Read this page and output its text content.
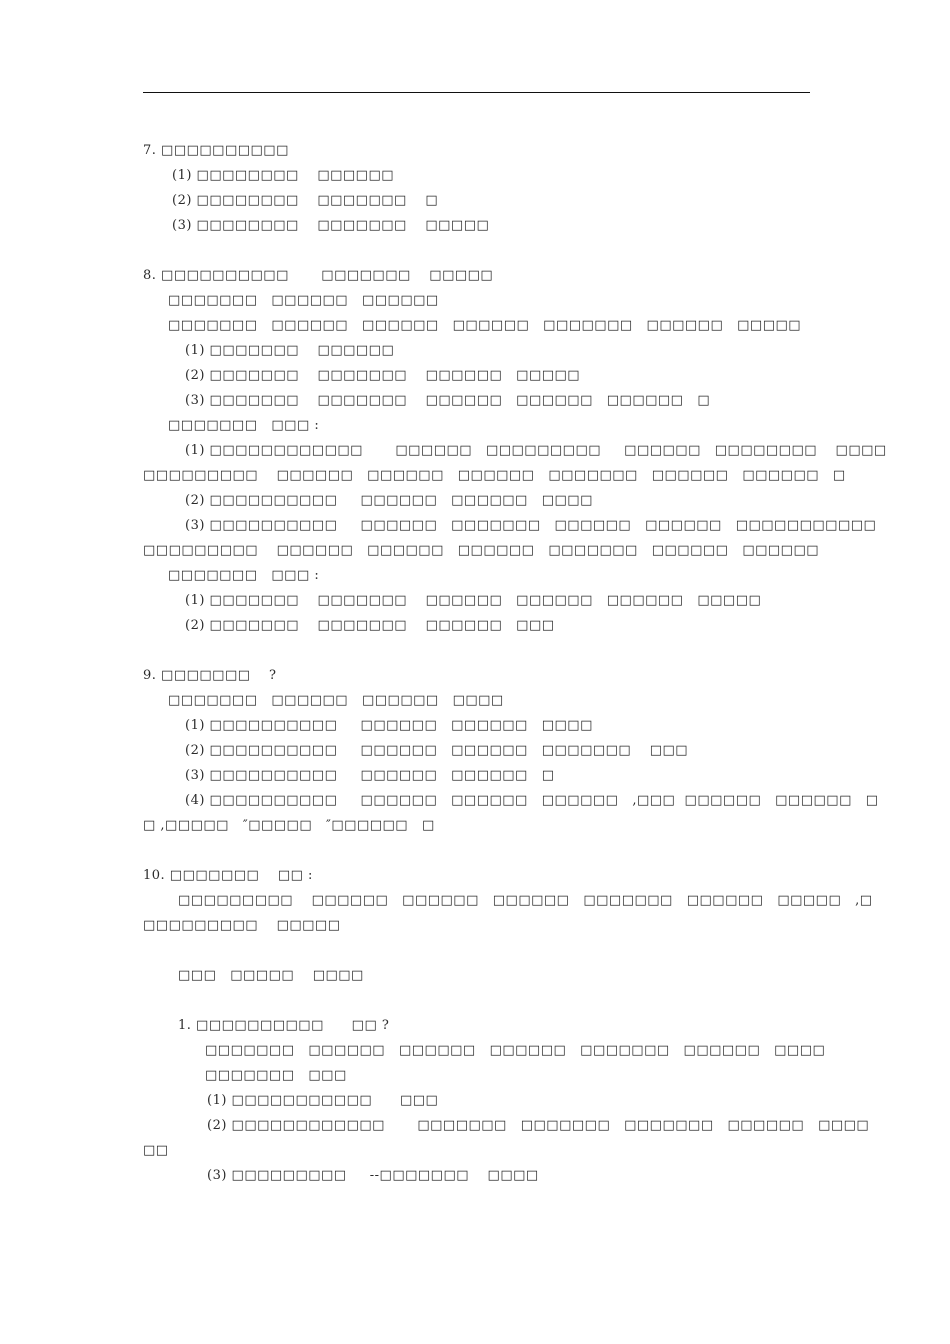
7. □□□□□□□□□□
(1) □□□□□□□□    □□□□□□
(2) □□□□□□□□    □□□□□□□    □
(3) □□□□□□□□    □□□□□□□    □□□□□
8. □□□□□□□□□□       □□□□□□□    □□□□□
□□□□□□□   □□□□□□   □□□□□□
□□□□□□□   □□□□□□   □□□□□□   □□□□□□   □□□□□□□   □□□□□□   □□□□□
(1) □□□□□□□    □□□□□□
(2) □□□□□□□    □□□□□□□    □□□□□□   □□□□□
(3) □□□□□□□    □□□□□□□    □□□□□□   □□□□□□   □□□□□□   □
□□□□□□□   □□□ :
(1) □□□□□□□□□□□□       □□□□□□   □□□□□□□□□     □□□□□□   □□□□□□□□    □□□□
□□□□□□□□□    □□□□□□   □□□□□□   □□□□□□   □□□□□□□   □□□□□□   □□□□□□   □
(2) □□□□□□□□□□     □□□□□□   □□□□□□   □□□□
(3) □□□□□□□□□□     □□□□□□   □□□□□□□   □□□□□□   □□□□□□   □□□□□□□□□□□
□□□□□□□□□    □□□□□□   □□□□□□   □□□□□□   □□□□□□□   □□□□□□   □□□□□□
□□□□□□□   □□□ :
(1) □□□□□□□    □□□□□□□    □□□□□□   □□□□□□   □□□□□□   □□□□□
(2) □□□□□□□    □□□□□□□    □□□□□□   □□□
9. □□□□□□□    ?
□□□□□□□   □□□□□□   □□□□□□   □□□□
(1) □□□□□□□□□□     □□□□□□   □□□□□□   □□□□
(2) □□□□□□□□□□     □□□□□□   □□□□□□   □□□□□□□    □□□
(3) □□□□□□□□□□     □□□□□□   □□□□□□   □
(4) □□□□□□□□□□     □□□□□□   □□□□□□   □□□□□□   ,□□□  □□□□□□   □□□□□□   □
□ ,□□□□□   ″□□□□□   ″□□□□□□   □
10. □□□□□□□    □□ :
□□□□□□□□□    □□□□□□   □□□□□□   □□□□□□   □□□□□□□   □□□□□□   □□□□□   ,□
□□□□□□□□□    □□□□□
□□□   □□□□□    □□□□
1. □□□□□□□□□□      □□ ?
□□□□□□□   □□□□□□   □□□□□□   □□□□□□   □□□□□□□   □□□□□□   □□□□
□□□□□□□   □□□
(1) □□□□□□□□□□□      □□□
(2) □□□□□□□□□□□□       □□□□□□□   □□□□□□□   □□□□□□□   □□□□□□   □□□□
□□
(3) □□□□□□□□□     --□□□□□□□    □□□□
